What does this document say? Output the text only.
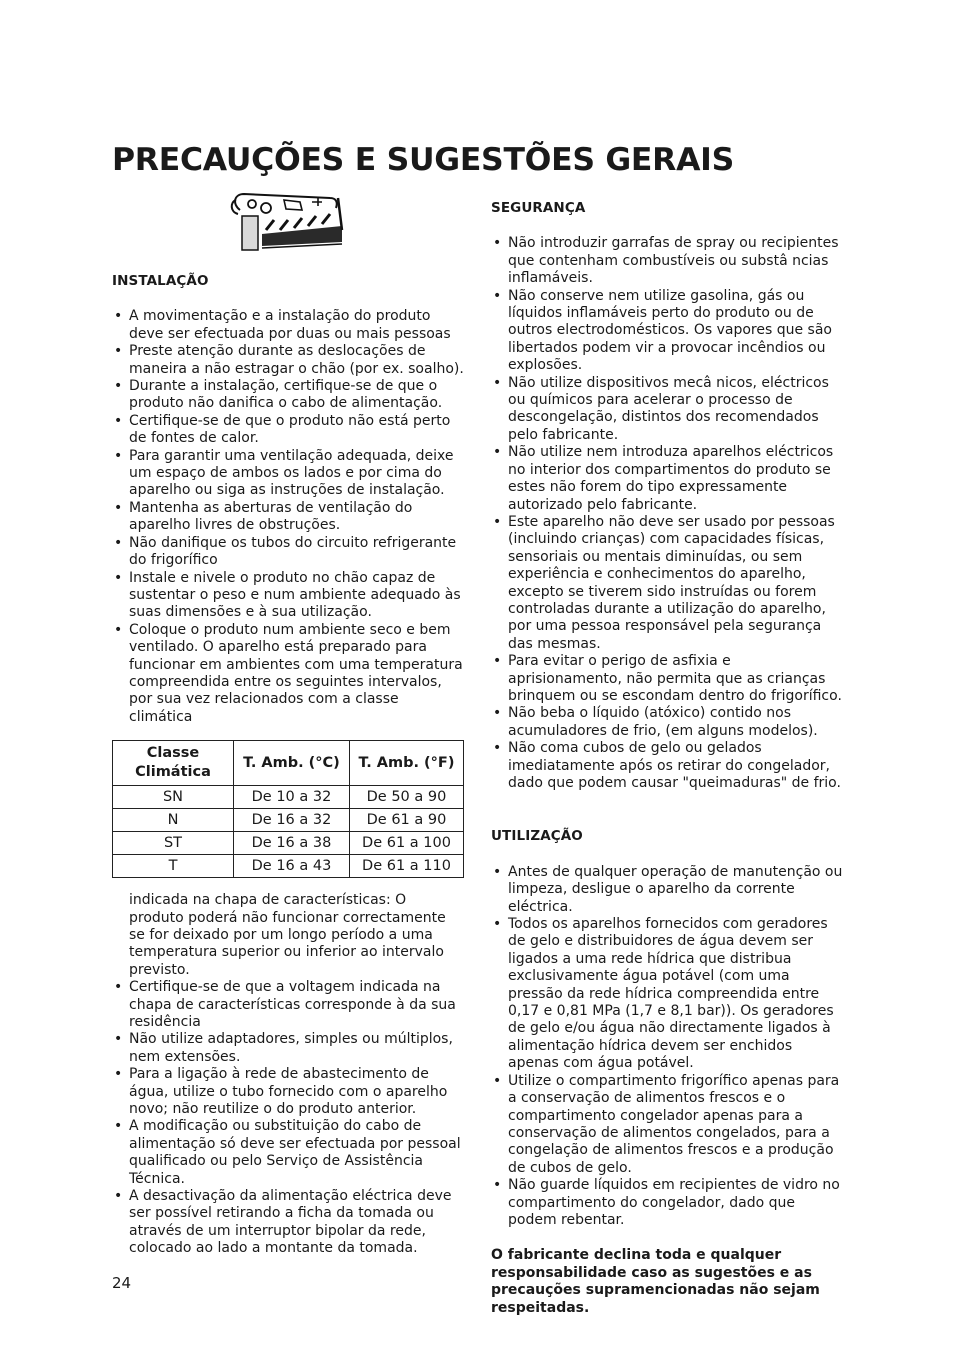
PRECAUÇÕES E SUGESTÕES GERAIS
INSTALAÇÃO
• A movimentação e a instalação do produto deve ser efectuada por duas ou mais pessoas
• Preste atenção durante as deslocações de maneira a não estragar o chão (por ex. soalho).
• Durante a instalação, certifique-se de que o produto não danifica o cabo de alimentação.
• Certifique-se de que o produto não está perto de fontes de calor.
• Para garantir uma ventilação adequada, deixe um espaço de ambos os lados e por cima do aparelho ou siga as instruções de instalação.
• Mantenha as aberturas de ventilação do aparelho livres de obstruções.
• Não danifique os tubos do circuito refrigerante do frigorífico
• Instale e nivele o produto no chão capaz de sustentar o peso e num ambiente adequado às suas dimensões e à sua utilização.
• Coloque o produto num ambiente seco e bem ventilado. O aparelho está preparado para funcionar em ambientes com uma temperatura compreendida entre os seguintes intervalos, por sua vez relacionados com a classe climática
Classe Climática	T. Amb. (°C)	T. Amb. (°F)
SN	De 10 a 32	De 50 a 90
N	De 16 a 32	De 61 a 90
ST	De 16 a 38	De 61 a 100
T	De 16 a 43	De 61 a 110
indicada na chapa de características: O produto poderá não funcionar correctamente se for deixado por um longo período a uma temperatura superior ou inferior ao intervalo previsto.
• Certifique-se de que a voltagem indicada na chapa de características corresponde à da sua residência
• Não utilize adaptadores, simples ou múltiplos, nem extensões.
• Para a ligação à rede de abastecimento de água, utilize o tubo fornecido com o aparelho novo; não reutilize o do produto anterior.
• A modificação ou substituição do cabo de alimentação só deve ser efectuada por pessoal qualificado ou pelo Serviço de Assistência Técnica.
• A desactivação da alimentação eléctrica deve ser possível retirando a ficha da tomada ou através de um interruptor bipolar da rede, colocado ao lado a montante da tomada.
SEGURANÇA
• Não introduzir garrafas de spray ou recipientes que contenham combustíveis ou substâ ncias inflamáveis.
• Não conserve nem utilize gasolina, gás ou líquidos inflamáveis perto do produto ou de outros electrodomésticos. Os vapores que são libertados podem vir a provocar incêndios ou explosões.
• Não utilize dispositivos mecâ nicos, eléctricos ou químicos para acelerar o processo de descongelação, distintos dos recomendados pelo fabricante.
• Não utilize nem introduza aparelhos eléctricos no interior dos compartimentos do produto se estes não forem do tipo expressamente autorizado pelo fabricante.
• Este aparelho não deve ser usado por pessoas (incluindo crianças) com capacidades físicas, sensoriais ou mentais diminuídas, ou sem experiência e conhecimentos do aparelho, excepto se tiverem sido instruídas ou forem controladas durante a utilização do aparelho, por uma pessoa responsável pela segurança das mesmas.
• Para evitar o perigo de asfixia e aprisionamento, não permita que as crianças brinquem ou se escondam dentro do frigorífico.
• Não beba o líquido (atóxico) contido nos acumuladores de frio, (em alguns modelos).
• Não coma cubos de gelo ou gelados imediatamente após os retirar do congelador, dado que podem causar "queimaduras" de frio.
UTILIZAÇÃO
• Antes de qualquer operação de manutenção ou limpeza, desligue o aparelho da corrente eléctrica.
• Todos os aparelhos fornecidos com geradores de gelo e distribuidores de água devem ser ligados a uma rede hídrica que distribua exclusivamente água potável (com uma pressão da rede hídrica compreendida entre 0,17 e 0,81 MPa (1,7 e 8,1 bar)). Os geradores de gelo e/ou água não directamente ligados à alimentação hídrica devem ser enchidos apenas com água potável.
• Utilize o compartimento frigorífico apenas para a conservação de alimentos frescos e o compartimento congelador apenas para a conservação de alimentos congelados, para a congelação de alimentos frescos e a produção de cubos de gelo.
• Não guarde líquidos em recipientes de vidro no compartimento do congelador, dado que podem rebentar.

O fabricante declina toda e qualquer responsabilidade caso as sugestões e as precauções supramencionadas não sejam respeitadas.

24
